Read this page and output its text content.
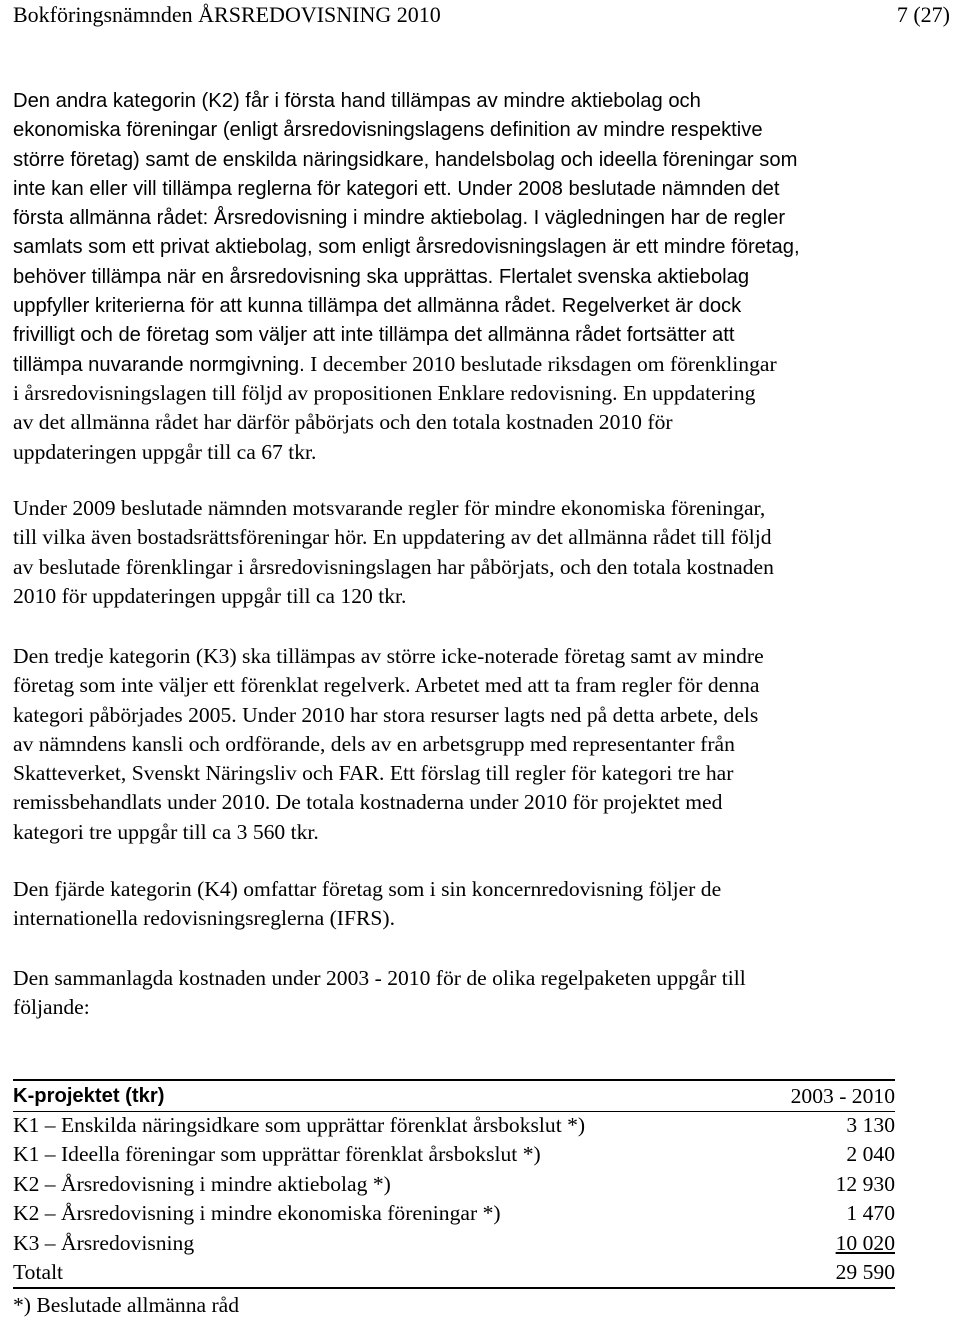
Bokföringsnämnden ÅRSREDOVISNING 2010	7 (27)
Den andra kategorin (K2) får i första hand tillämpas av mindre aktiebolag och
ekonomiska föreningar (enligt årsredovisningslagens definition av mindre respektive
större företag) samt de enskilda näringsidkare, handelsbolag och ideella föreningar som
inte kan eller vill tillämpa reglerna för kategori ett. Under 2008 beslutade nämnden det
första allmänna rådet: Årsredovisning i mindre aktiebolag. I vägledningen har de regler
samlats som ett privat aktiebolag, som enligt årsredovisningslagen är ett mindre företag,
behöver tillämpa när en årsredovisning ska upprättas. Flertalet svenska aktiebolag
uppfyller kriterierna för att kunna tillämpa det allmänna rådet. Regelverket är dock
frivilligt och de företag som väljer att inte tillämpa det allmänna rådet fortsätter att
tillämpa nuvarande normgivning. I december 2010 beslutade riksdagen om förenklingar
i årsredovisningslagen till följd av propositionen Enklare redovisning. En uppdatering
av det allmänna rådet har därför påbörjats och den totala kostnaden 2010 för
uppdateringen uppgår till ca 67 tkr.
Under 2009 beslutade nämnden motsvarande regler för mindre ekonomiska föreningar,
till vilka även bostadsrättsföreningar hör. En uppdatering av det allmänna rådet till följd
av beslutade förenklingar i årsredovisningslagen har påbörjats, och den totala kostnaden
2010 för uppdateringen uppgår till ca 120 tkr.
Den tredje kategorin (K3) ska tillämpas av större icke-noterade företag samt av mindre
företag som inte väljer ett förenklat regelverk. Arbetet med att ta fram regler för denna
kategori påbörjades 2005. Under 2010 har stora resurser lagts ned på detta arbete, dels
av nämndens kansli och ordförande, dels av en arbetsgrupp med representanter från
Skatteverket, Svenskt Näringsliv och FAR. Ett förslag till regler för kategori tre har
remissbehandlats under 2010. De totala kostnaderna under 2010 för projektet med
kategori tre uppgår till ca 3 560 tkr.
Den fjärde kategorin (K4) omfattar företag som i sin koncernredovisning följer de
internationella redovisningsreglerna (IFRS).
Den sammanlagda kostnaden under 2003 - 2010 för de olika regelpaketen uppgår till
följande:
K-projektet (tkr)	2003 - 2010
K1 – Enskilda näringsidkare som upprättar förenklat årsbokslut *)	3 130
K1 – Ideella föreningar som upprättar förenklat årsbokslut *)	2 040
K2 – Årsredovisning i mindre aktiebolag *)	12 930
K2 – Årsredovisning i mindre ekonomiska föreningar *)	1 470
K3 – Årsredovisning	10 020
Totalt	29 590
*) Beslutade allmänna råd
